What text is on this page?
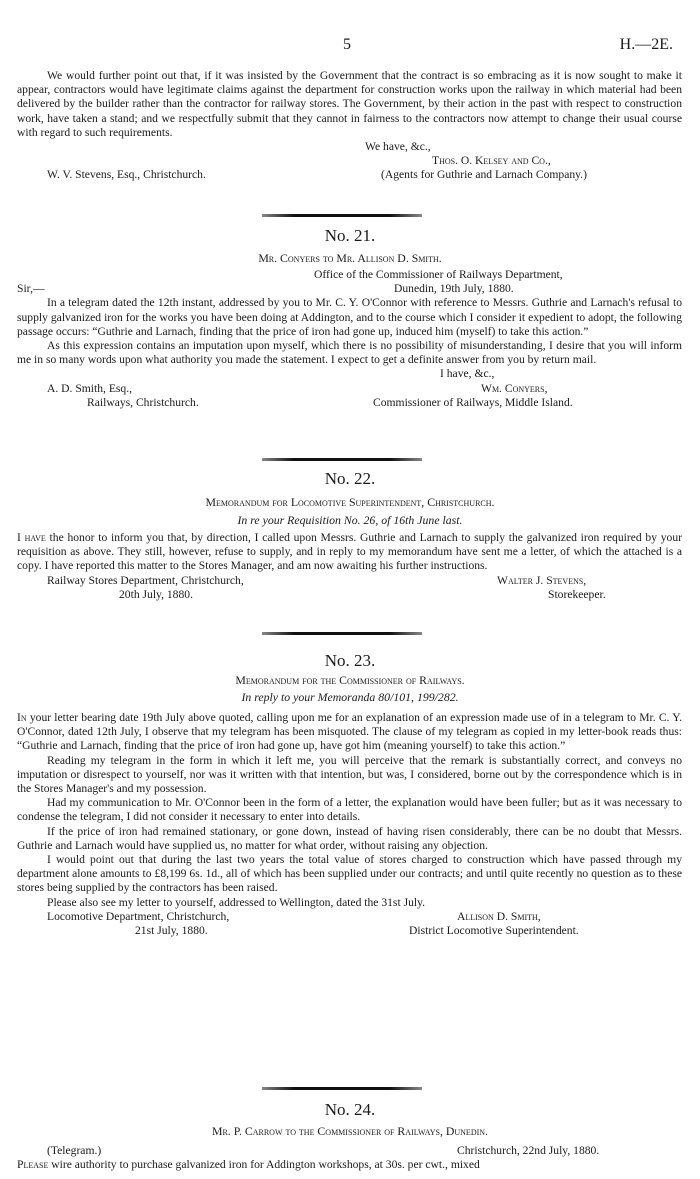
5	H.—2E.

We would further point out that, if it was insisted by the Government that the contract is so embracing as it is now sought to make it appear, contractors would have legitimate claims against the department for construction works upon the railway in which material had been delivered by the builder rather than the contractor for railway stores. The Government, by their action in the past with respect to construction work, have taken a stand; and we respectfully submit that they cannot in fairness to the contractors now attempt to change their usual course with regard to such requirements.

We have, &c.,
Thos. O. Kelsey and Co.,
W. V. Stevens, Esq., Christchurch.	(Agents for Guthrie and Larnach Company.)
No. 21.
Mr. Conyers to Mr. Allison D. Smith.
Office of the Commissioner of Railways Department,
Sir,—	Dunedin, 19th July, 1880.

In a telegram dated the 12th instant, addressed by you to Mr. C. Y. O'Connor with reference to Messrs. Guthrie and Larnach's refusal to supply galvanized iron for the works you have been doing at Addington, and to the course which I consider it expedient to adopt, the following passage occurs: “Guthrie and Larnach, finding that the price of iron had gone up, induced him (myself) to take this action.”

As this expression contains an imputation upon myself, which there is no possibility of misunderstanding, I desire that you will inform me in so many words upon what authority you made the statement. I expect to get a definite answer from you by return mail.

I have, &c.,
A. D. Smith, Esq.,	Wm. Conyers,
Railways, Christchurch.	Commissioner of Railways, Middle Island.
No. 22.
Memorandum for Locomotive Superintendent, Christchurch.
In re your Requisition No. 26, of 16th June last.

I have the honor to inform you that, by direction, I called upon Messrs. Guthrie and Larnach to supply the galvanized iron required by your requisition as above. They still, however, refuse to supply, and in reply to my memorandum have sent me a letter, of which the attached is a copy. I have reported this matter to the Stores Manager, and am now awaiting his further instructions.

Railway Stores Department, Christchurch,	Walter J. Stevens,
20th July, 1880.	Storekeeper.
No. 23.
Memorandum for the Commissioner of Railways.
In reply to your Memoranda 80/101, 199/282.

In your letter bearing date 19th July above quoted, calling upon me for an explanation of an expression made use of in a telegram to Mr. C. Y. O'Connor, dated 12th July, I observe that my telegram has been misquoted. The clause of my telegram as copied in my letter-book reads thus: “Guthrie and Larnach, finding that the price of iron had gone up, have got him (meaning yourself) to take this action.”

Reading my telegram in the form in which it left me, you will perceive that the remark is substantially correct, and conveys no imputation or disrespect to yourself, nor was it written with that intention, but was, I considered, borne out by the correspondence which is in the Stores Manager's and my possession.

Had my communication to Mr. O'Connor been in the form of a letter, the explanation would have been fuller; but as it was necessary to condense the telegram, I did not consider it necessary to enter into details.

If the price of iron had remained stationary, or gone down, instead of having risen considerably, there can be no doubt that Messrs. Guthrie and Larnach would have supplied us, no matter for what order, without raising any objection.

I would point out that during the last two years the total value of stores charged to construction which have passed through my department alone amounts to £8,199 6s. 1d., all of which has been supplied under our contracts; and until quite recently no question as to these stores being supplied by the contractors has been raised.

Please also see my letter to yourself, addressed to Wellington, dated the 31st July.

Locomotive Department, Christchurch,	Allison D. Smith,
21st July, 1880.	District Locomotive Superintendent.
No. 24.
Mr. P. Carrow to the Commissioner of Railways, Dunedin.
(Telegram.)	Christchurch, 22nd July, 1880.
Please wire authority to purchase galvanized iron for Addington workshops, at 30s. per cwt., mixed
